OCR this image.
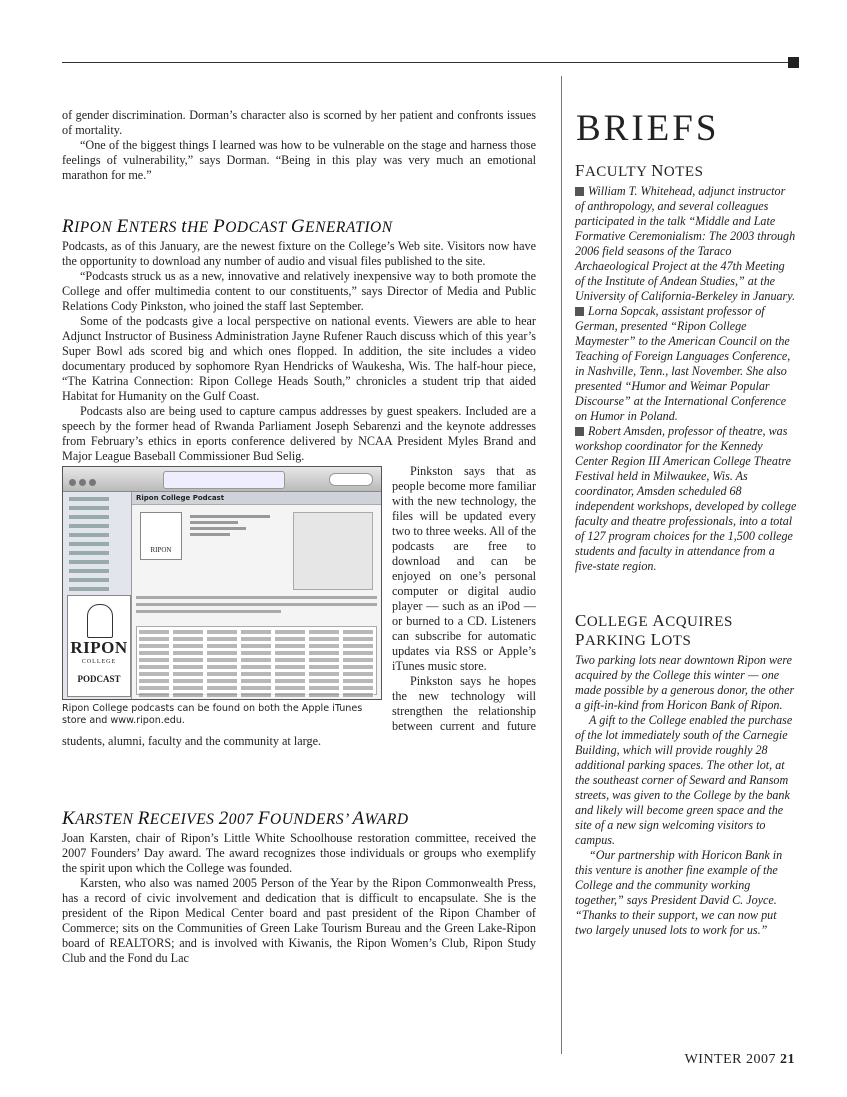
of gender discrimination. Dorman’s character also is scorned by her patient and confronts issues of mortality.

“One of the biggest things I learned was how to be vulnerable on the stage and harness those feelings of vulnerability,” says Dorman. “Being in this play was very much an emotional marathon for me.”

RIPON ENTERS tHE PODCAST GENERATION

Podcasts, as of this January, are the newest fixture on the College’s Web site. Visitors now have the opportunity to download any number of audio and visual files published to the site.

“Podcasts struck us as a new, innovative and relatively inexpensive way to both promote the College and offer multimedia content to our constituents,” says Director of Media and Public Relations Cody Pinkston, who joined the staff last September.

Some of the podcasts give a local perspective on national events. Viewers are able to hear Adjunct Instructor of Business Administration Jayne Rufener Rauch discuss which of this year’s Super Bowl ads scored big and which ones flopped. In addition, the site includes a video documentary produced by sophomore Ryan Hendricks of Waukesha, Wis. The half-hour piece, “The Katrina Connection: Ripon College Heads South,” chronicles a student trip that aided Habitat for Humanity on the Gulf Coast.

Podcasts also are being used to capture campus addresses by guest speakers. Included are a speech by the former head of Rwanda Parliament Joseph Sebarenzi and the keynote addresses from February’s ethics in eports conference delivered by NCAA President Myles Brand and Major League Baseball Commissioner Bud Selig.

Ripon College Podcast
RIPON
RIPON
COLLEGE
PODCAST
Ripon College podcasts can be found on both the Apple iTunes store and www.ripon.edu.

Pinkston says that as people become more familiar with the new technology, the files will be updated every two to three weeks. All of the podcasts are free to download and can be enjoyed on one’s personal computer or digital audio player — such as an iPod — or burned to a CD. Listeners can subscribe for automatic updates via RSS or Apple’s iTunes music store.

Pinkston says he hopes the new technology will strengthen the relationship between current and future students, alumni, faculty and the community at large.

KARSTEN RECEIVES 2007 FOUNDERS’ AWARD

Joan Karsten, chair of Ripon’s Little White Schoolhouse restoration committee, received the 2007 Founders’ Day award. The award recognizes those individuals or groups who exemplify the spirit upon which the College was founded.

Karsten, who also was named 2005 Person of the Year by the Ripon Commonwealth Press, has a record of civic involvement and dedication that is difficult to encapsulate. She is the president of the Ripon Medical Center board and past president of the Ripon Chamber of Commerce; sits on the Communities of Green Lake Tourism Bureau and the Green Lake-Ripon board of REALTORS; and is involved with Kiwanis, the Ripon Women’s Club, Ripon Study Club and the Fond du Lac

BRIEFS
FACULTY NOTES

William T. Whitehead, adjunct instructor of anthropology, and several colleagues participated in the talk “Middle and Late Formative Ceremonialism: The 2003 through 2006 field seasons of the Taraco Archaeological Project at the 47th Meeting of the Institute of Andean Studies,” at the University of California-Berkeley in January.

Lorna Sopcak, assistant professor of German, presented “Ripon College Maymester” to the American Council on the Teaching of Foreign Languages Conference, in Nashville, Tenn., last November. She also presented “Humor and Weimar Popular Discourse” at the International Conference on Humor in Poland.

Robert Amsden, professor of theatre, was workshop coordinator for the Kennedy Center Region III American College Theatre Festival held in Milwaukee, Wis. As coordinator, Amsden scheduled 68 independent workshops, developed by college faculty and theatre professionals, into a total of 127 program choices for the 1,500 college students and faculty in attendance from a five-state region.

COLLEGE ACQUIRES
PARKING LOTS

Two parking lots near downtown Ripon were acquired by the College this winter — one made possible by a generous donor, the other a gift-in-kind from Horicon Bank of Ripon.

A gift to the College enabled the purchase of the lot immediately south of the Carnegie Building, which will provide roughly 28 additional parking spaces. The other lot, at the southeast corner of Seward and Ransom streets, was given to the College by the bank and likely will become green space and the site of a new sign welcoming visitors to campus.

“Our partnership with Horicon Bank in this venture is another fine example of the College and the community working together,” says President David C. Joyce. “Thanks to their support, we can now put two largely unused lots to work for us.”

WINTER 2007 21
